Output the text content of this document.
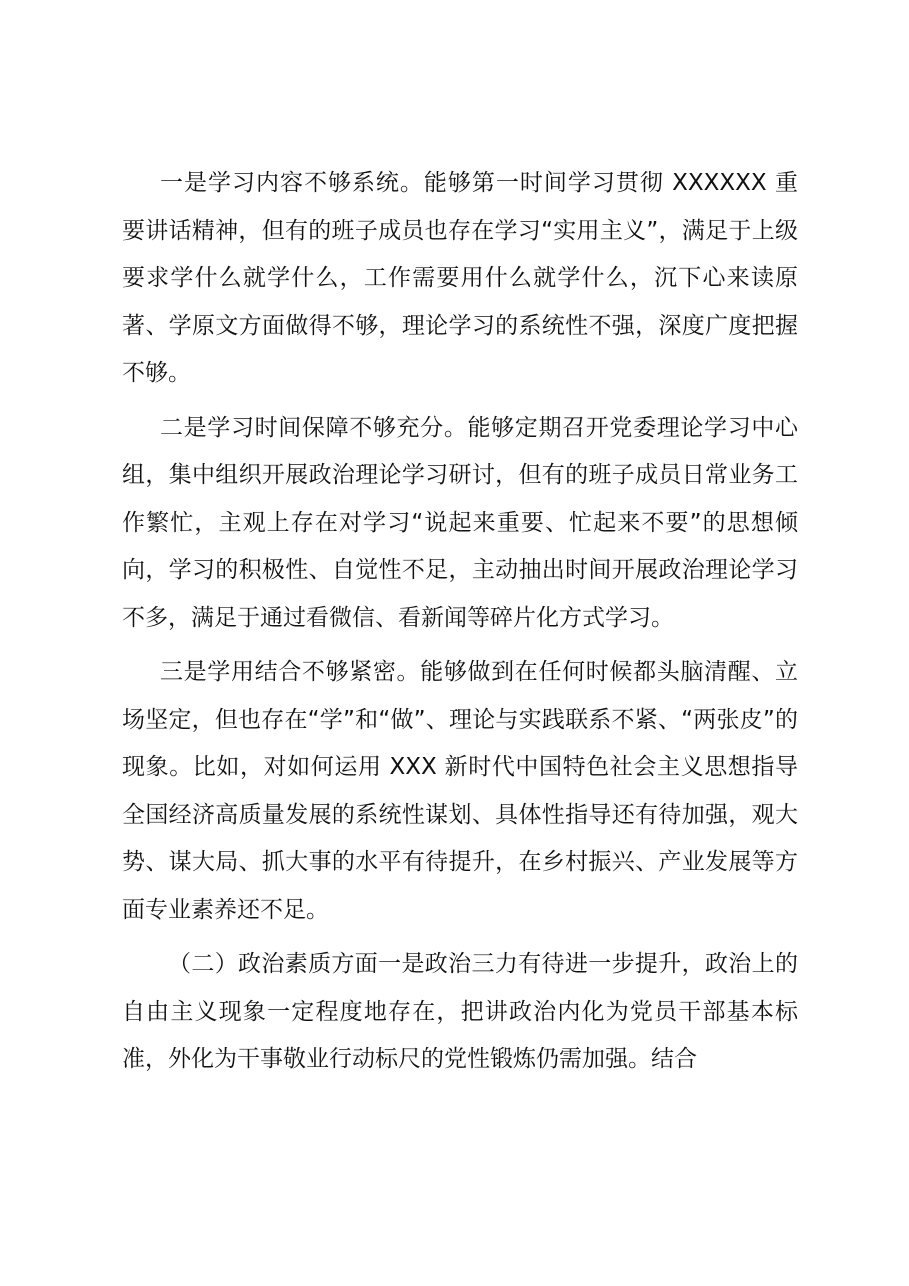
一是学习内容不够系统。能够第一时间学习贯彻 XXXXXX 重要讲话精神，但有的班子成员也存在学习“实用主义”，满足于上级要求学什么就学什么，工作需要用什么就学什么，沉下心来读原著、学原文方面做得不够，理论学习的系统性不强，深度广度把握不够。

二是学习时间保障不够充分。能够定期召开党委理论学习中心组，集中组织开展政治理论学习研讨，但有的班子成员日常业务工作繁忙，主观上存在对学习“说起来重要、忙起来不要”的思想倾向，学习的积极性、自觉性不足，主动抽出时间开展政治理论学习不多，满足于通过看微信、看新闻等碎片化方式学习。

三是学用结合不够紧密。能够做到在任何时候都头脑清醒、立场坚定，但也存在“学”和“做”、理论与实践联系不紧、“两张皮”的现象。比如，对如何运用 XXX 新时代中国特色社会主义思想指导全国经济高质量发展的系统性谋划、具体性指导还有待加强，观大势、谋大局、抓大事的水平有待提升，在乡村振兴、产业发展等方面专业素养还不足。

（二）政治素质方面一是政治三力有待进一步提升，政治上的自由主义现象一定程度地存在，把讲政治内化为党员干部基本标准，外化为干事敬业行动标尺的党性锻炼仍需加强。结合
